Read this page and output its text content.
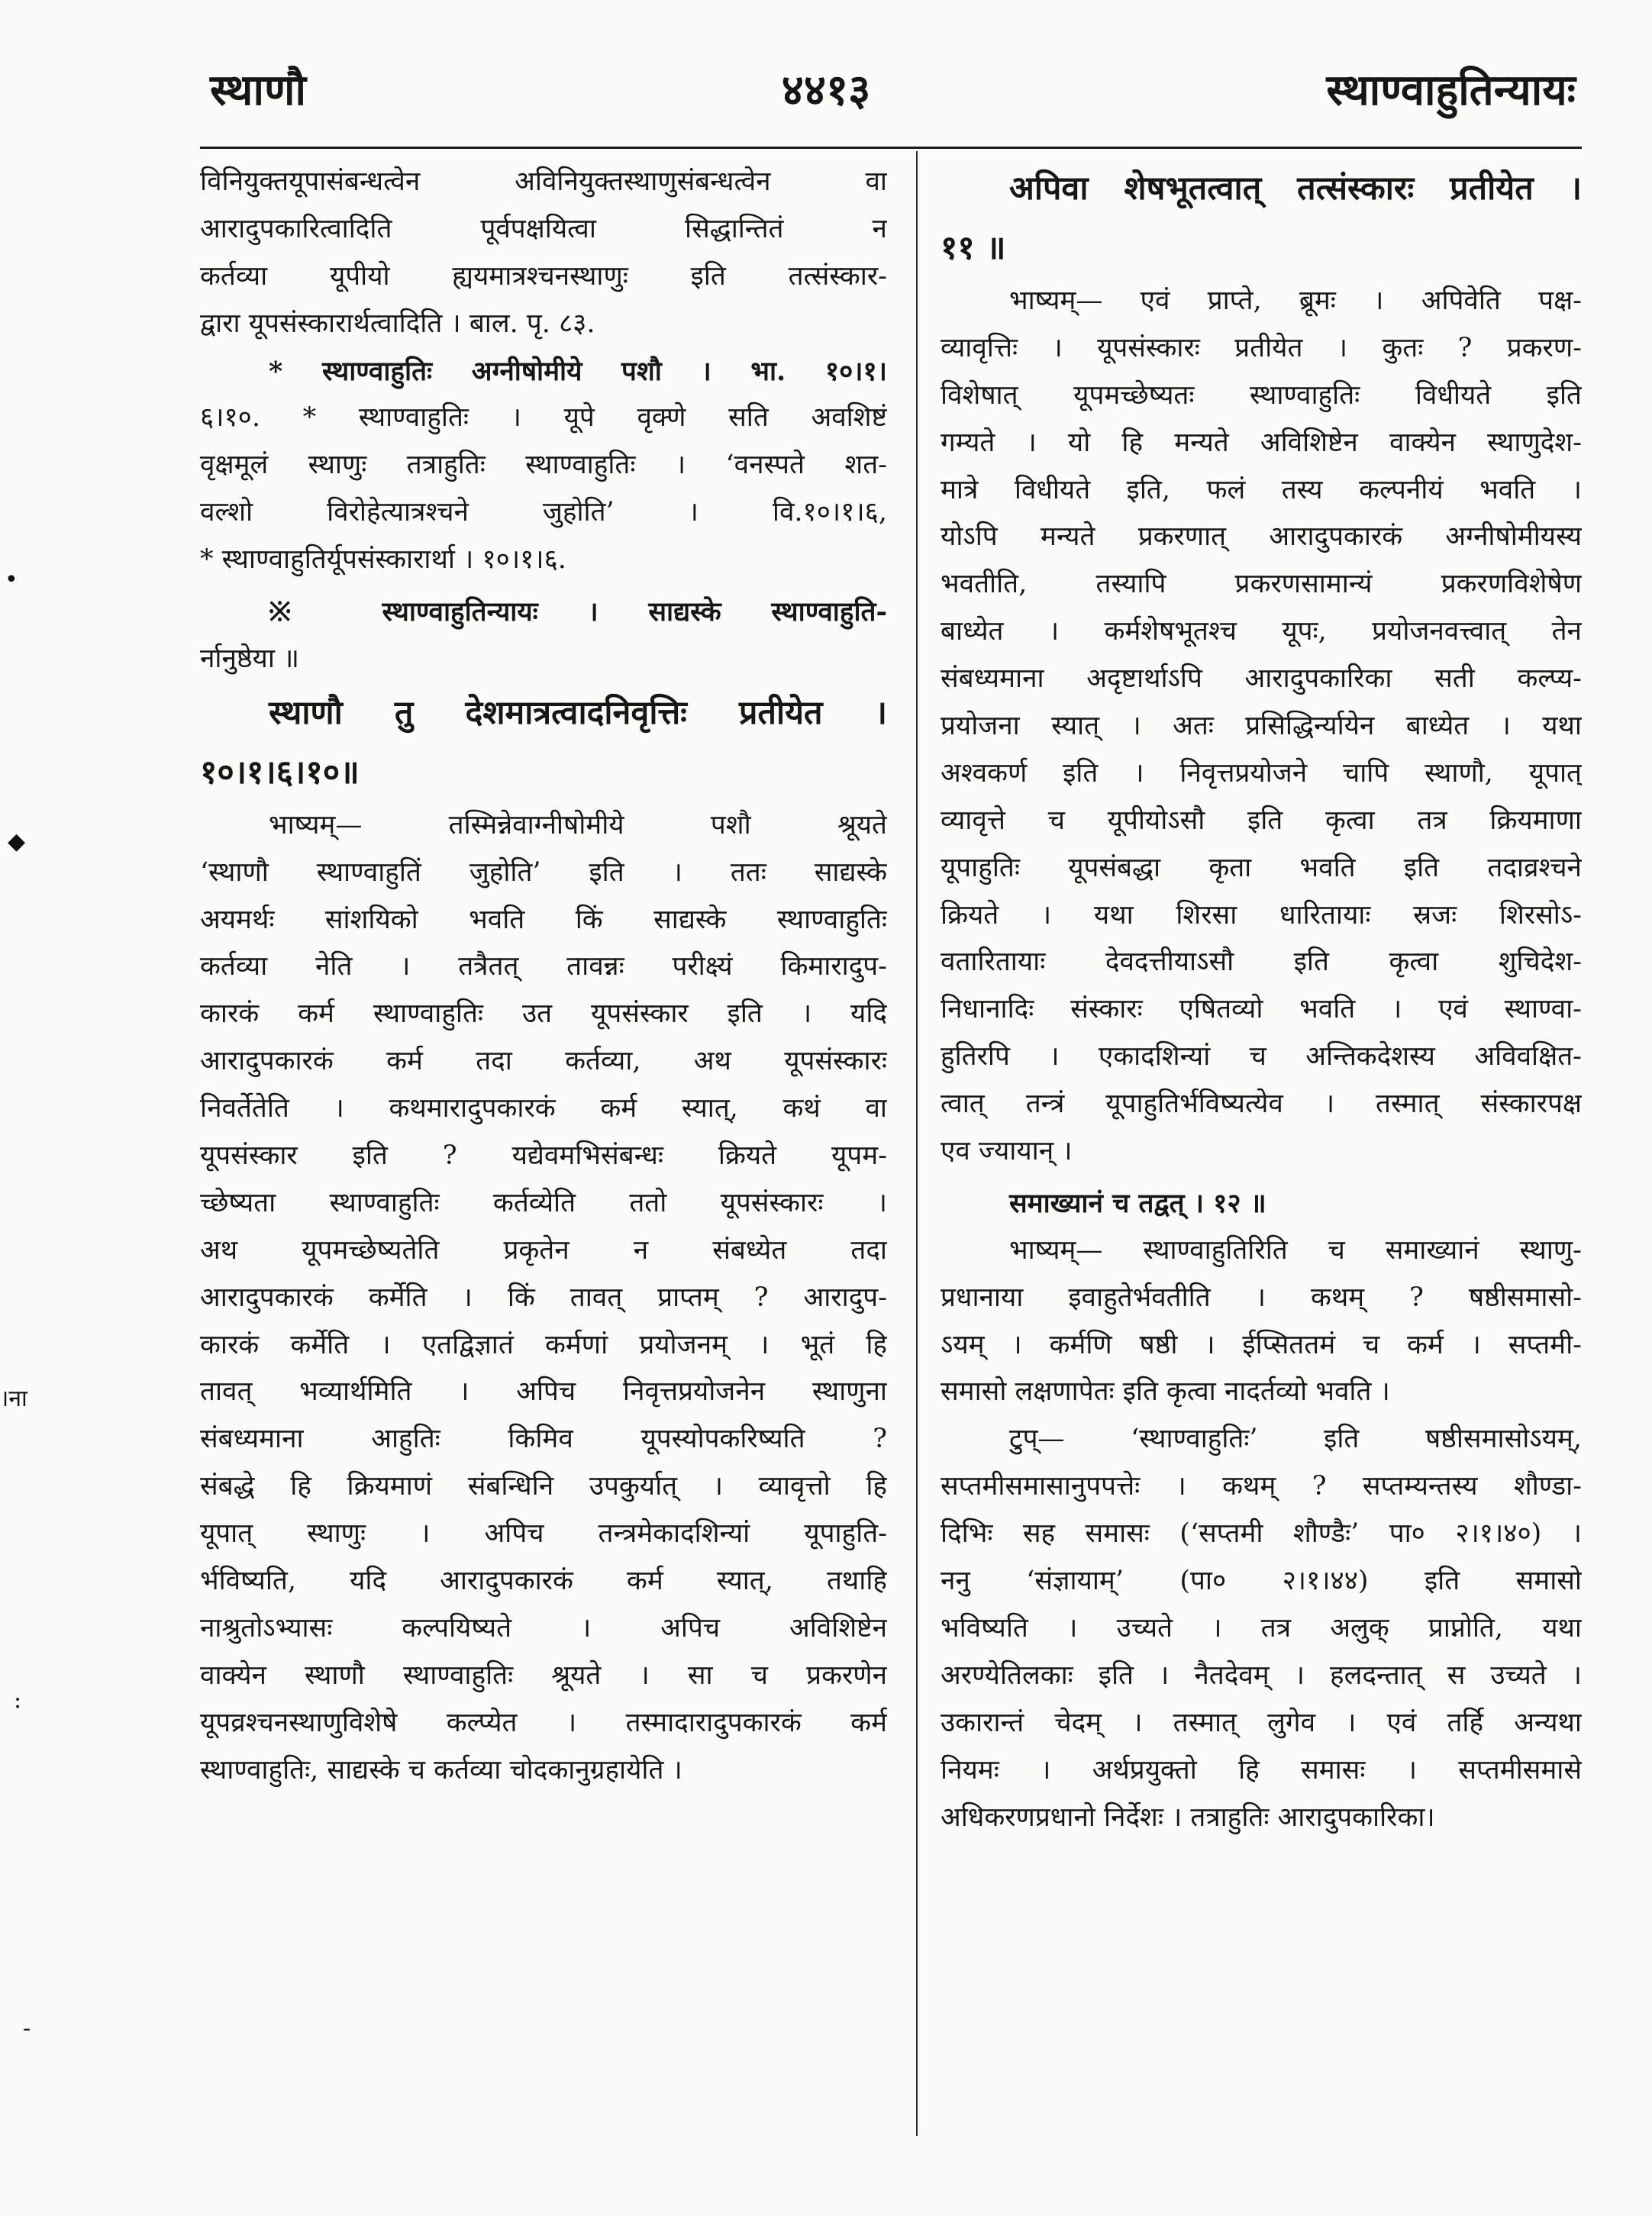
स्थाणौ	४४१३	स्थाण्वाहुतिन्यायः
•
◆
।ना
:
-
विनियुक्तयूपासंबन्धत्वेन अविनियुक्तस्थाणुसंबन्धत्वेन वा
आरादुपकारित्वादिति पूर्वपक्षयित्वा सिद्धान्तितं न
कर्तव्या यूपीयो ह्ययमात्रश्चनस्थाणुः इति तत्संस्कार-
द्वारा यूपसंस्कारार्थत्वादिति । बाल. पृ. ८३.
* स्थाण्वाहुतिः अग्नीषोमीये पशौ । भा. १०।१।
६।१०. * स्थाण्वाहुतिः । यूपे वृक्णे सति अवशिष्टं
वृक्षमूलं स्थाणुः तत्राहुतिः स्थाण्वाहुतिः । ‘वनस्पते शत-
वल्शो विरोहेत्यात्रश्चने जुहोति’ । वि.१०।१।६,
* स्थाण्वाहुतिर्यूपसंस्कारार्था । १०।१।६.
※ स्थाण्वाहुतिन्यायः । साद्यस्के स्थाण्वाहुति-
र्नानुष्ठेया ॥
स्थाणौ तु देशमात्रत्वादनिवृत्तिः प्रतीयेत ।
१०।१।६।१०॥
भाष्यम्— तस्मिन्नेवाग्नीषोमीये पशौ श्रूयते
‘स्थाणौ स्थाण्वाहुतिं जुहोति’ इति । ततः साद्यस्के
अयमर्थः सांशयिको भवति किं साद्यस्के स्थाण्वाहुतिः
कर्तव्या नेति । तत्रैतत् तावन्नः परीक्ष्यं किमारादुप-
कारकं कर्म स्थाण्वाहुतिः उत यूपसंस्कार इति । यदि
आरादुपकारकं कर्म तदा कर्तव्या, अथ यूपसंस्कारः
निवर्तेतेति । कथमारादुपकारकं कर्म स्यात्, कथं वा
यूपसंस्कार इति ? यद्येवमभिसंबन्धः क्रियते यूपम-
च्छेष्यता स्थाण्वाहुतिः कर्तव्येति ततो यूपसंस्कारः ।
अथ यूपमच्छेष्यतेति प्रकृतेन न संबध्येत तदा
आरादुपकारकं कर्मेति । किं तावत् प्राप्तम् ? आरादुप-
कारकं कर्मेति । एतद्विज्ञातं कर्मणां प्रयोजनम् । भूतं हि
तावत् भव्यार्थमिति । अपिच निवृत्तप्रयोजनेन स्थाणुना
संबध्यमाना आहुतिः किमिव यूपस्योपकरिष्यति ?
संबद्धे हि क्रियमाणं संबन्धिनि उपकुर्यात् । व्यावृत्तो हि
यूपात् स्थाणुः । अपिच तन्त्रमेकादशिन्यां यूपाहुति-
र्भविष्यति, यदि आरादुपकारकं कर्म स्यात्, तथाहि
नाश्रुतोऽभ्यासः कल्पयिष्यते । अपिच अविशिष्टेन
वाक्येन स्थाणौ स्थाण्वाहुतिः श्रूयते । सा च प्रकरणेन
यूपव्रश्चनस्थाणुविशेषे कल्प्येत । तस्मादारादुपकारकं कर्म
स्थाण्वाहुतिः, साद्यस्के च कर्तव्या चोदकानुग्रहायेति ।
अपिवा शेषभूतत्वात् तत्संस्कारः प्रतीयेत ।
११ ॥
भाष्यम्— एवं प्राप्ते, ब्रूमः । अपिवेति पक्ष-
व्यावृत्तिः । यूपसंस्कारः प्रतीयेत । कुतः ? प्रकरण-
विशेषात् यूपमच्छेष्यतः स्थाण्वाहुतिः विधीयते इति
गम्यते । यो हि मन्यते अविशिष्टेन वाक्येन स्थाणुदेश-
मात्रे विधीयते इति, फलं तस्य कल्पनीयं भवति ।
योऽपि मन्यते प्रकरणात् आरादुपकारकं अग्नीषोमीयस्य
भवतीति, तस्यापि प्रकरणसामान्यं प्रकरणविशेषेण
बाध्येत । कर्मशेषभूतश्च यूपः, प्रयोजनवत्त्वात् तेन
संबध्यमाना अदृष्टार्थाऽपि आरादुपकारिका सती कल्प्य-
प्रयोजना स्यात् । अतः प्रसिद्धिर्न्यायेन बाध्येत । यथा
अश्वकर्ण इति । निवृत्तप्रयोजने चापि स्थाणौ, यूपात्
व्यावृत्ते च यूपीयोऽसौ इति कृत्वा तत्र क्रियमाणा
यूपाहुतिः यूपसंबद्धा कृता भवति इति तदाव्रश्चने
क्रियते । यथा शिरसा धारितायाः स्रजः शिरसोऽ-
वतारितायाः देवदत्तीयाऽसौ इति कृत्वा शुचिदेश-
निधानादिः संस्कारः एषितव्यो भवति । एवं स्थाण्वा-
हुतिरपि । एकादशिन्यां च अन्तिकदेशस्य अविवक्षित-
त्वात् तन्त्रं यूपाहुतिर्भविष्यत्येव । तस्मात् संस्कारपक्ष
एव ज्यायान् ।
समाख्यानं च तद्वत् । १२ ॥
भाष्यम्— स्थाण्वाहुतिरिति च समाख्यानं स्थाणु-
प्रधानाया इवाहुतेर्भवतीति । कथम् ? षष्ठीसमासो-
ऽयम् । कर्मणि षष्ठी । ईप्सिततमं च कर्म । सप्तमी-
समासो लक्षणापेतः इति कृत्वा नादर्तव्यो भवति ।
टुप्— ‘स्थाण्वाहुतिः’ इति षष्ठीसमासोऽयम्,
सप्तमीसमासानुपपत्तेः । कथम् ? सप्तम्यन्तस्य शौण्डा-
दिभिः सह समासः (‘सप्तमी शौण्डैः’ पा० २।१।४०) ।
ननु ‘संज्ञायाम्’ (पा० २।१।४४) इति समासो
भविष्यति । उच्यते । तत्र अलुक् प्राप्नोति, यथा
अरण्येतिलकाः इति । नैतदेवम् । हलदन्तात् स उच्यते ।
उकारान्तं चेदम् । तस्मात् लुगेव । एवं तर्हि अन्यथा
नियमः । अर्थप्रयुक्तो हि समासः । सप्तमीसमासे
अधिकरणप्रधानो निर्देशः । तत्राहुतिः आरादुपकारिका।
